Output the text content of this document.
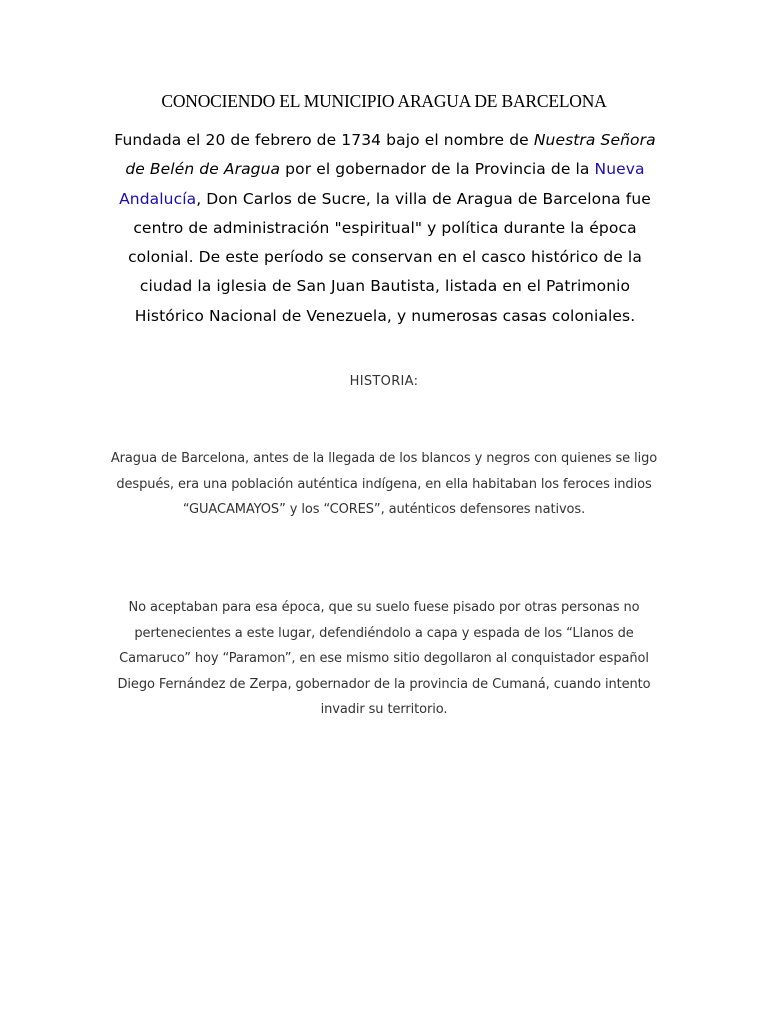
CONOCIENDO EL MUNICIPIO ARAGUA DE BARCELONA
Fundada el 20 de febrero de 1734 bajo el nombre de Nuestra Señora de Belén de Aragua por el gobernador de la Provincia de la Nueva Andalucía, Don Carlos de Sucre, la villa de Aragua de Barcelona fue centro de administración "espiritual" y política durante la época colonial. De este período se conservan en el casco histórico de la ciudad la iglesia de San Juan Bautista, listada en el Patrimonio Histórico Nacional de Venezuela, y numerosas casas coloniales.
HISTORIA:
Aragua de Barcelona, antes de la llegada de los blancos y negros con quienes se ligo después, era una población auténtica indígena, en ella habitaban los feroces indios “GUACAMAYOS” y los “CORES”, auténticos defensores nativos.
No aceptaban para esa época, que su suelo fuese pisado por otras personas no pertenecientes a este lugar, defendiéndolo a capa y espada de los “Llanos de Camaruco” hoy “Paramon”, en ese mismo sitio degollaron al conquistador español Diego Fernández de Zerpa, gobernador de la provincia de Cumaná, cuando intento invadir su territorio.
